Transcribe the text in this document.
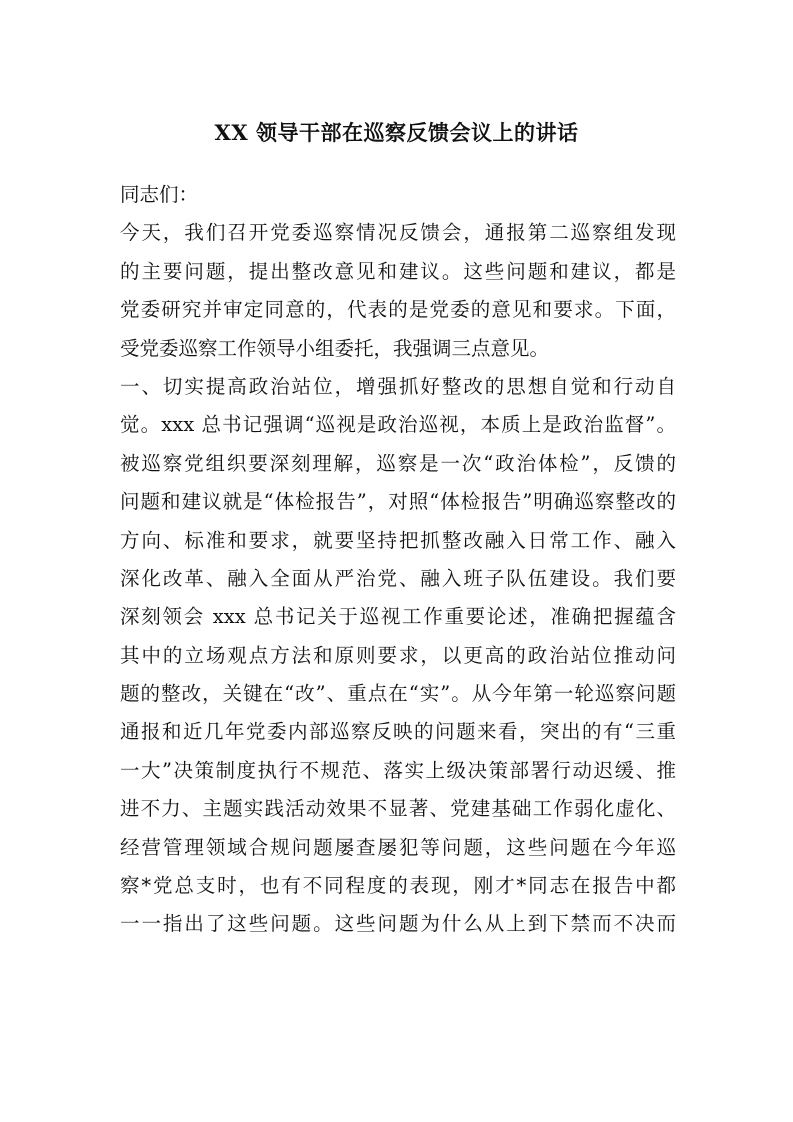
XX 领导干部在巡察反馈会议上的讲话

同志们：

今天，我们召开党委巡察情况反馈会，通报第二巡察组发现

的主要问题，提出整改意见和建议。这些问题和建议，都是

党委研究并审定同意的，代表的是党委的意见和要求。下面，

受党委巡察工作领导小组委托，我强调三点意见。

一、切实提高政治站位，增强抓好整改的思想自觉和行动自

觉。xxx 总书记强调“巡视是政治巡视，本质上是政治监督”。

被巡察党组织要深刻理解，巡察是一次“政治体检”，反馈的

问题和建议就是“体检报告”，对照“体检报告”明确巡察整改的

方向、标准和要求，就要坚持把抓整改融入日常工作、融入

深化改革、融入全面从严治党、融入班子队伍建设。我们要

深刻领会 xxx 总书记关于巡视工作重要论述，准确把握蕴含

其中的立场观点方法和原则要求，以更高的政治站位推动问

题的整改，关键在“改”、重点在“实”。从今年第一轮巡察问题

通报和近几年党委内部巡察反映的问题来看，突出的有“三重

一大”决策制度执行不规范、落实上级决策部署行动迟缓、推

进不力、主题实践活动效果不显著、党建基础工作弱化虚化、

经营管理领域合规问题屡查屡犯等问题，这些问题在今年巡

察*党总支时，也有不同程度的表现，刚才*同志在报告中都

一一指出了这些问题。这些问题为什么从上到下禁而不决而
